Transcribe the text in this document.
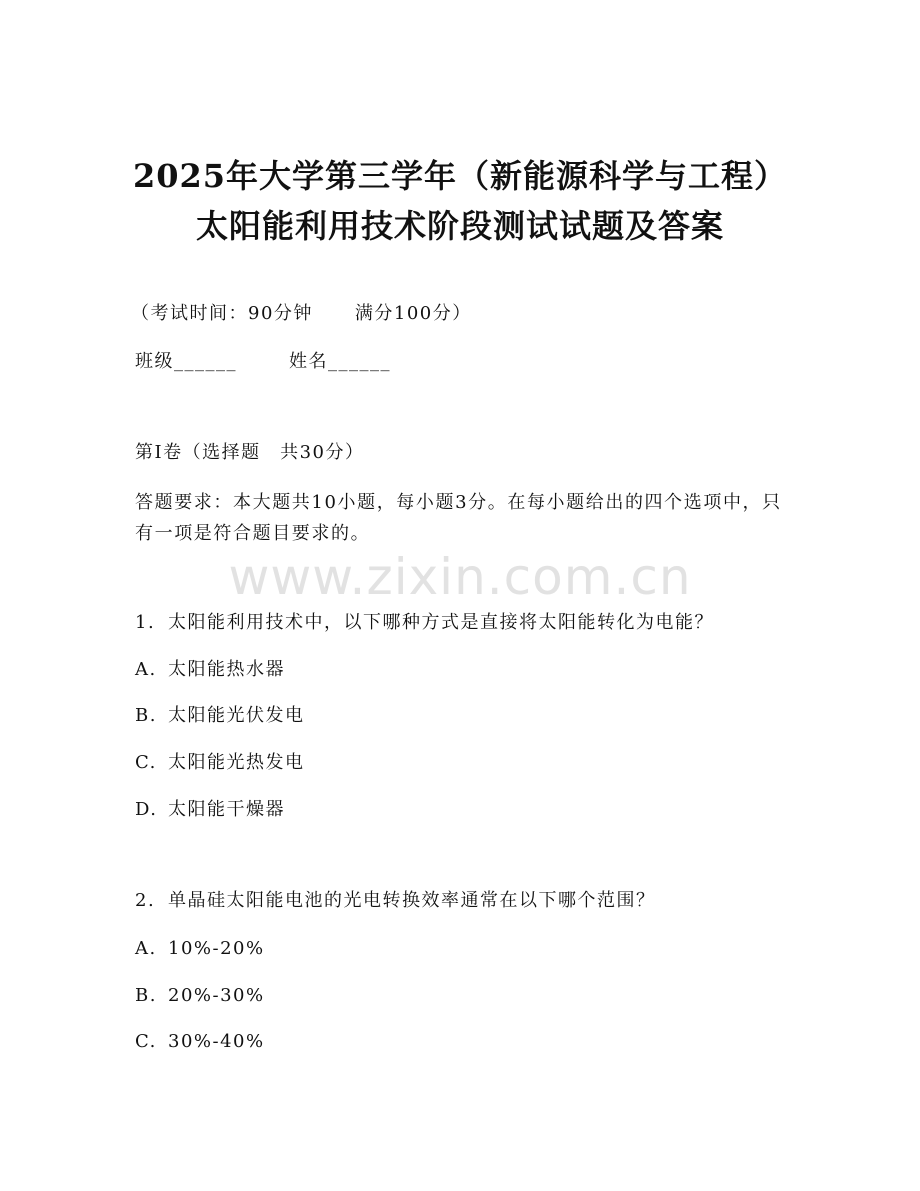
2025年大学第三学年（新能源科学与工程）
太阳能利用技术阶段测试试题及答案
（考试时间：90分钟 满分100分）
班级______	姓名______
第Ⅰ卷（选择题　共30分）
答题要求：本大题共10小题，每小题3分。在每小题给出的四个选项中，只有一项是符合题目要求的。
www.zixin.com.cn
1. 太阳能利用技术中，以下哪种方式是直接将太阳能转化为电能？
A. 太阳能热水器
B. 太阳能光伏发电
C. 太阳能光热发电
D. 太阳能干燥器
2. 单晶硅太阳能电池的光电转换效率通常在以下哪个范围？
A. 10%-20%
B. 20%-30%
C. 30%-40%
